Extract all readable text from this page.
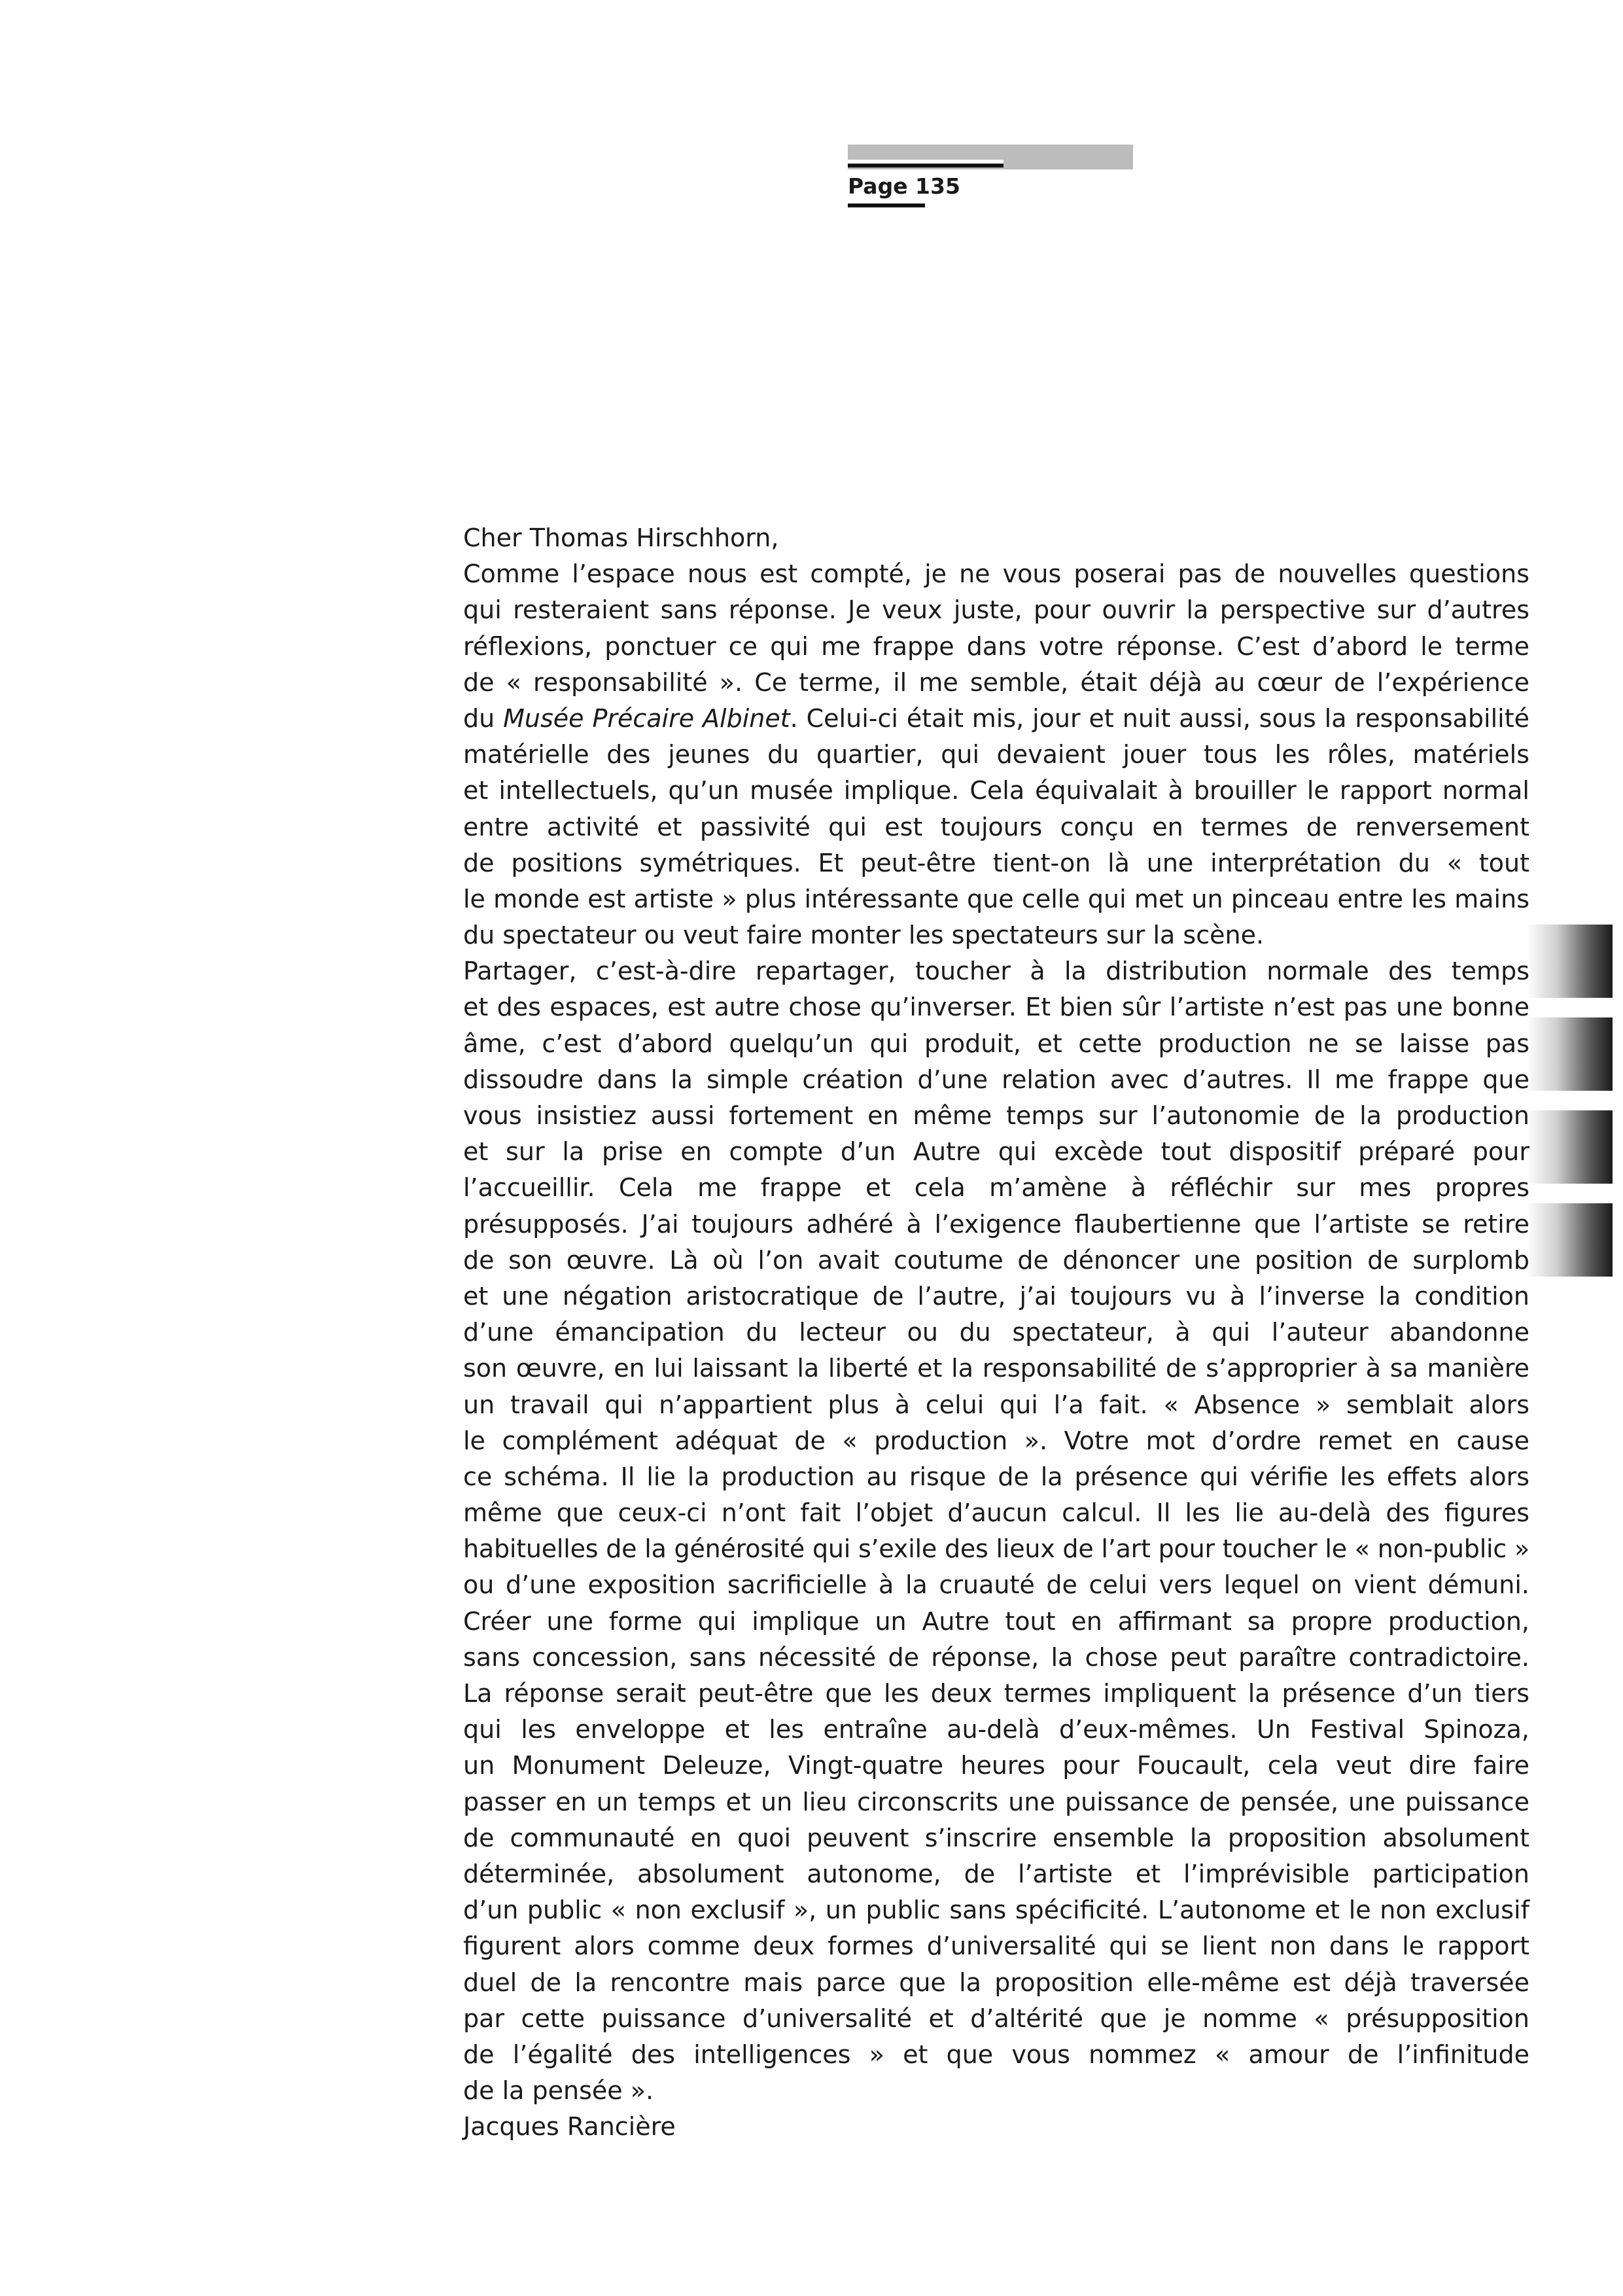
Page 135
Cher Thomas Hirschhorn,
Comme l’espace nous est compté, je ne vous poserai pas de nouvelles questions
qui resteraient sans réponse. Je veux juste, pour ouvrir la perspective sur d’autres
réflexions, ponctuer ce qui me frappe dans votre réponse. C’est d’abord le terme
de « responsabilité ». Ce terme, il me semble, était déjà au cœur de l’expérience
du Musée Précaire Albinet. Celui-ci était mis, jour et nuit aussi, sous la responsabilité
matérielle des jeunes du quartier, qui devaient jouer tous les rôles, matériels
et intellectuels, qu’un musée implique. Cela équivalait à brouiller le rapport normal
entre activité et passivité qui est toujours conçu en termes de renversement
de positions symétriques. Et peut-être tient-on là une interprétation du « tout
le monde est artiste » plus intéressante que celle qui met un pinceau entre les mains
du spectateur ou veut faire monter les spectateurs sur la scène.
Partager, c’est-à-dire repartager, toucher à la distribution normale des temps
et des espaces, est autre chose qu’inverser. Et bien sûr l’artiste n’est pas une bonne
âme, c’est d’abord quelqu’un qui produit, et cette production ne se laisse pas
dissoudre dans la simple création d’une relation avec d’autres. Il me frappe que
vous insistiez aussi fortement en même temps sur l’autonomie de la production
et sur la prise en compte d’un Autre qui excède tout dispositif préparé pour
l’accueillir. Cela me frappe et cela m’amène à réfléchir sur mes propres
présupposés. J’ai toujours adhéré à l’exigence flaubertienne que l’artiste se retire
de son œuvre. Là où l’on avait coutume de dénoncer une position de surplomb
et une négation aristocratique de l’autre, j’ai toujours vu à l’inverse la condition
d’une émancipation du lecteur ou du spectateur, à qui l’auteur abandonne
son œuvre, en lui laissant la liberté et la responsabilité de s’approprier à sa manière
un travail qui n’appartient plus à celui qui l’a fait. « Absence » semblait alors
le complément adéquat de « production ». Votre mot d’ordre remet en cause
ce schéma. Il lie la production au risque de la présence qui vérifie les effets alors
même que ceux-ci n’ont fait l’objet d’aucun calcul. Il les lie au-delà des figures
habituelles de la générosité qui s’exile des lieux de l’art pour toucher le « non-public »
ou d’une exposition sacrificielle à la cruauté de celui vers lequel on vient démuni.
Créer une forme qui implique un Autre tout en affirmant sa propre production,
sans concession, sans nécessité de réponse, la chose peut paraître contradictoire.
La réponse serait peut-être que les deux termes impliquent la présence d’un tiers
qui les enveloppe et les entraîne au-delà d’eux-mêmes. Un Festival Spinoza,
un Monument Deleuze, Vingt-quatre heures pour Foucault, cela veut dire faire
passer en un temps et un lieu circonscrits une puissance de pensée, une puissance
de communauté en quoi peuvent s’inscrire ensemble la proposition absolument
déterminée, absolument autonome, de l’artiste et l’imprévisible participation
d’un public « non exclusif », un public sans spécificité. L’autonome et le non exclusif
figurent alors comme deux formes d’universalité qui se lient non dans le rapport
duel de la rencontre mais parce que la proposition elle-même est déjà traversée
par cette puissance d’universalité et d’altérité que je nomme « présupposition
de l’égalité des intelligences » et que vous nommez « amour de l’infinitude
de la pensée ».
Jacques Rancière
